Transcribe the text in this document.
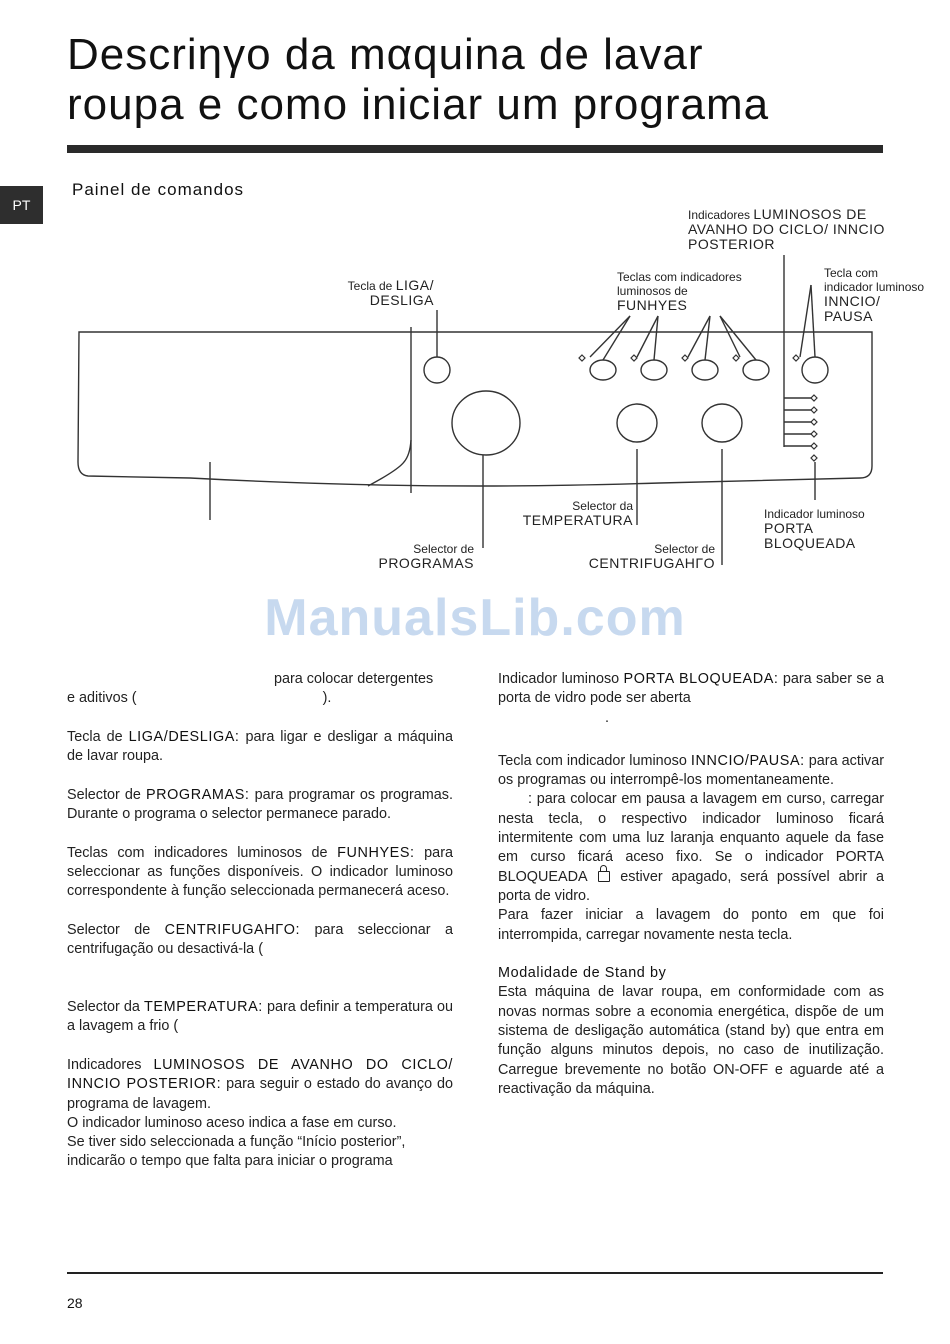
Descriηγo da mαquina de lavar
roupa e como iniciar um programa
PT
Painel de comandos
Tecla de LIGA/
DESLIGA
Teclas com indicadores
luminosos de
FUNHYES
Indicadores LUMINOSOS DE
AVANHO DO CICLO/ INNCIO
POSTERIOR
Tecla com
indicador luminoso
INNCIO/
PAUSA
Selector da
TEMPERATURA	Indicador luminoso
PORTA
BLOQUEADA
Selector de
PROGRAMAS
Selector de
CENTRIFUGAHΓO
ManualsLib.com

para colocar detergentes
e aditivos (	).

Tecla de LIGA/DESLIGA: para ligar e desligar a máquina de lavar roupa.

Selector de PROGRAMAS: para programar os programas. Durante o programa o selector permanece parado.

Teclas com indicadores luminosos de FUNHYES: para seleccionar as funções disponíveis. O indicador luminoso correspondente à função seleccionada permanecerá aceso.

Selector de CENTRIFUGAHΓO: para seleccionar a centrifugação ou desactivá-la (

Selector da TEMPERATURA: para definir a temperatura ou a lavagem a frio (

Indicadores LUMINOSOS DE AVANHO DO CICLO/ INNCIO POSTERIOR: para seguir o estado do avanço do programa de lavagem.

O indicador luminoso aceso indica a fase em curso.

Se tiver sido seleccionada a função “Início posterior”, indicarão o tempo que falta para iniciar o programa

Indicador luminoso PORTA BLOQUEADA: para saber se a porta de vidro pode ser aberta
.

Tecla com indicador luminoso INNCIO/PAUSA: para activar os programas ou interrompê-los momentaneamente.

: para colocar em pausa a lavagem em curso, carregar nesta tecla, o respectivo indicador luminoso ficará intermitente com uma luz laranja enquanto aquele da fase em curso ficará aceso fixo. Se o indicador PORTA BLOQUEADA estiver apagado, será possível abrir a porta de vidro.

Para fazer iniciar a lavagem do ponto em que foi interrompida, carregar novamente nesta tecla.

Modalidade de Stand by

Esta máquina de lavar roupa, em conformidade com as novas normas sobre a economia energética, dispõe de um sistema de desligação automática (stand by) que entra em função alguns minutos depois, no caso de inutilização. Carregue brevemente no botão ON-OFF e aguarde até a reactivação da máquina.

28
